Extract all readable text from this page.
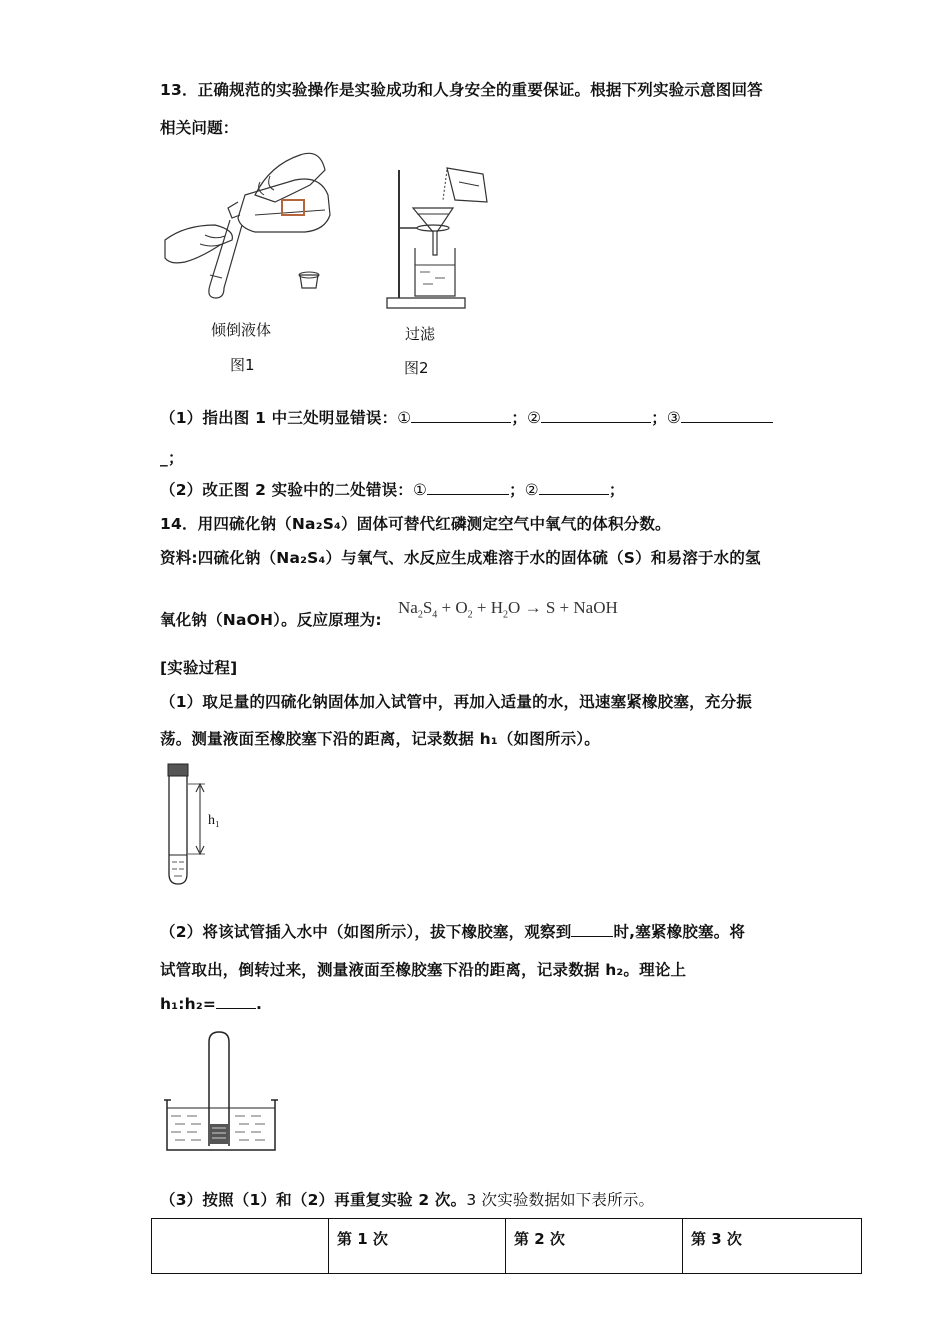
13．正确规范的实验操作是实验成功和人身安全的重要保证。根据下列实验示意图回答
相关问题：
倾倒液体
图1
过滤
图2
（1）指出图 1 中三处明显错误：①	；②	；③
_；
（2）改正图 2 实验中的二处错误：①	；②	；
14．用四硫化钠（Na₂S₄）固体可替代红磷测定空气中氧气的体积分数。
资料:四硫化钠（Na₂S₄）与氧气、水反应生成难溶于水的固体硫（S）和易溶于水的氢
氧化钠（NaOH）。反应原理为:
$Na_2S_4 + O_2 + H_2O \to S$ + NaOH
[实验过程]
（1）取足量的四硫化钠固体加入试管中，再加入适量的水，迅速塞紧橡胶塞，充分振
荡。测量液面至橡胶塞下沿的距离，记录数据 h₁（如图所示）。
h₁
（2）将该试管插入水中（如图所示），拔下橡胶塞，观察到	时,塞紧橡胶塞。将
试管取出，倒转过来，测量液面至橡胶塞下沿的距离，记录数据 h₂。理论上
h₁:h₂=	.
（3）按照（1）和（2）再重复实验 2 次。3 次实验数据如下表所示。
	第 1 次	第 2 次	第 3 次
